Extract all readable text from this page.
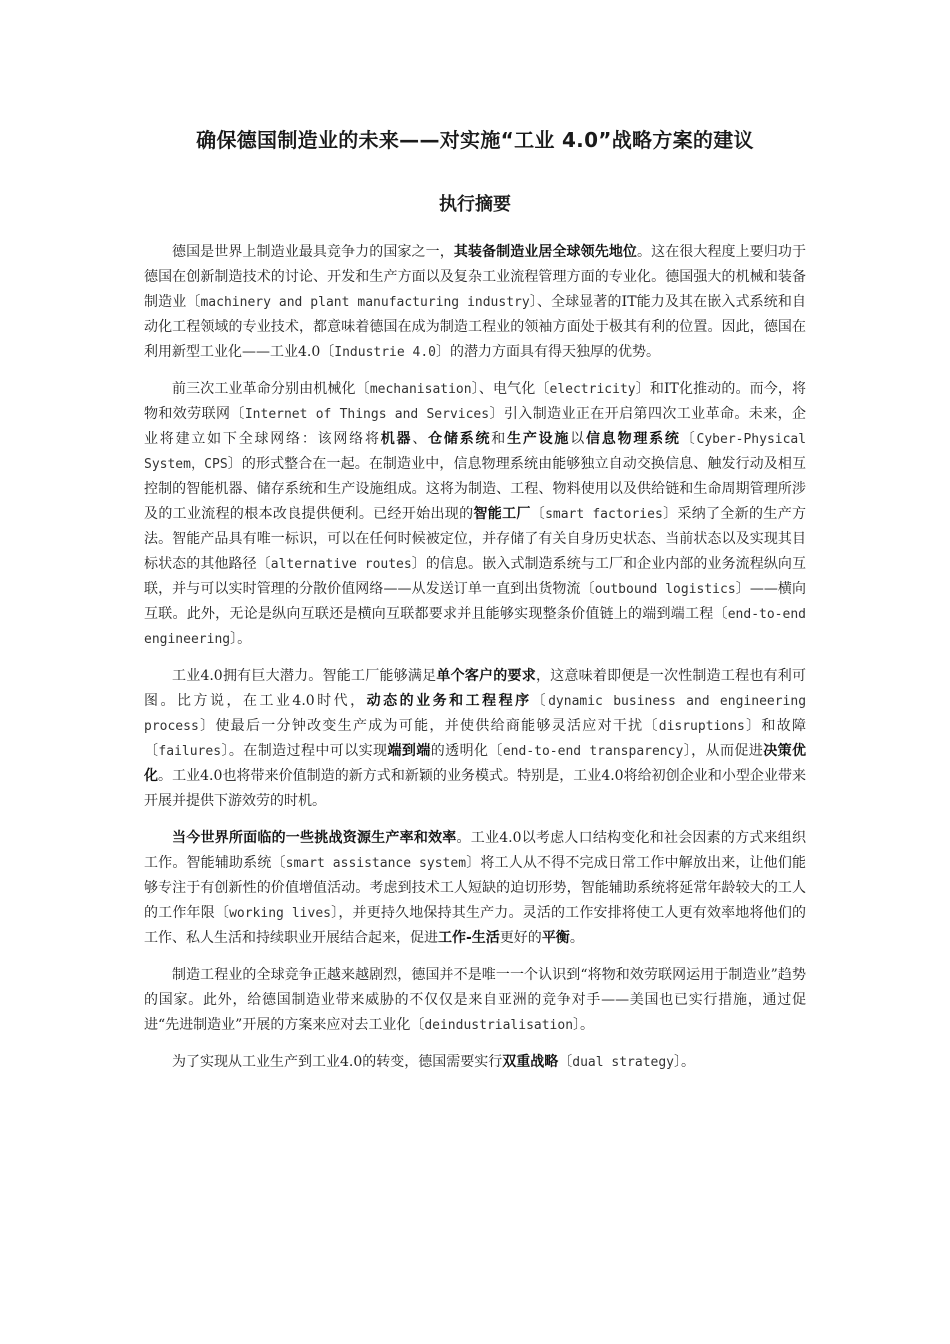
确保德国制造业的未来——对实施“工业 4.0”战略方案的建议
执行摘要

德国是世界上制造业最具竞争力的国家之一，其装备制造业居全球领先地位。这在很大程度上要归功于德国在创新制造技术的讨论、开发和生产方面以及复杂工业流程管理方面的专业化。德国强大的机械和装备制造业〔machinery and plant manufacturing industry〕、全球显著的IT能力及其在嵌入式系统和自动化工程领域的专业技术，都意味着德国在成为制造工程业的领袖方面处于极其有利的位置。因此，德国在利用新型工业化——工业4.0〔Industrie 4.0〕的潜力方面具有得天独厚的优势。

前三次工业革命分别由机械化〔mechanisation〕、电气化〔electricity〕和IT化推动的。而今，将物和效劳联网〔Internet of Things and Services〕引入制造业正在开启第四次工业革命。未来，企业将建立如下全球网络：该网络将机器、仓储系统和生产设施以信息物理系统〔Cyber-Physical System，CPS〕的形式整合在一起。在制造业中，信息物理系统由能够独立自动交换信息、触发行动及相互控制的智能机器、储存系统和生产设施组成。这将为制造、工程、物料使用以及供给链和生命周期管理所涉及的工业流程的根本改良提供便利。已经开始出现的智能工厂〔smart factories〕采纳了全新的生产方法。智能产品具有唯一标识，可以在任何时候被定位，并存储了有关自身历史状态、当前状态以及实现其目标状态的其他路径〔alternative routes〕的信息。嵌入式制造系统与工厂和企业内部的业务流程纵向互联，并与可以实时管理的分散价值网络——从发送订单一直到出货物流〔outbound logistics〕——横向互联。此外，无论是纵向互联还是横向互联都要求并且能够实现整条价值链上的端到端工程〔end-to-end engineering〕。

工业4.0拥有巨大潜力。智能工厂能够满足单个客户的要求，这意味着即便是一次性制造工程也有利可图。比方说，在工业4.0时代，动态的业务和工程程序〔dynamic business and engineering process〕使最后一分钟改变生产成为可能，并使供给商能够灵活应对干扰〔disruptions〕和故障〔failures〕。在制造过程中可以实现端到端的透明化〔end-to-end transparency〕，从而促进决策优化。工业4.0也将带来价值制造的新方式和新颖的业务模式。特别是，工业4.0将给初创企业和小型企业带来开展并提供下游效劳的时机。

当今世界所面临的一些挑战资源生产率和效率。工业4.0以考虑人口结构变化和社会因素的方式来组织工作。智能辅助系统〔smart assistance system〕将工人从不得不完成日常工作中解放出来，让他们能够专注于有创新性的价值增值活动。考虑到技术工人短缺的迫切形势，智能辅助系统将延常年龄较大的工人的工作年限〔working lives〕，并更持久地保持其生产力。灵活的工作安排将使工人更有效率地将他们的工作、私人生活和持续职业开展结合起来，促进工作-生活更好的平衡。

制造工程业的全球竞争正越来越剧烈，德国并不是唯一一个认识到“将物和效劳联网运用于制造业”趋势的国家。此外，给德国制造业带来威胁的不仅仅是来自亚洲的竞争对手——美国也已实行措施，通过促进“先进制造业”开展的方案来应对去工业化〔deindustrialisation〕。

为了实现从工业生产到工业4.0的转变，德国需要实行双重战略〔dual strategy〕。
